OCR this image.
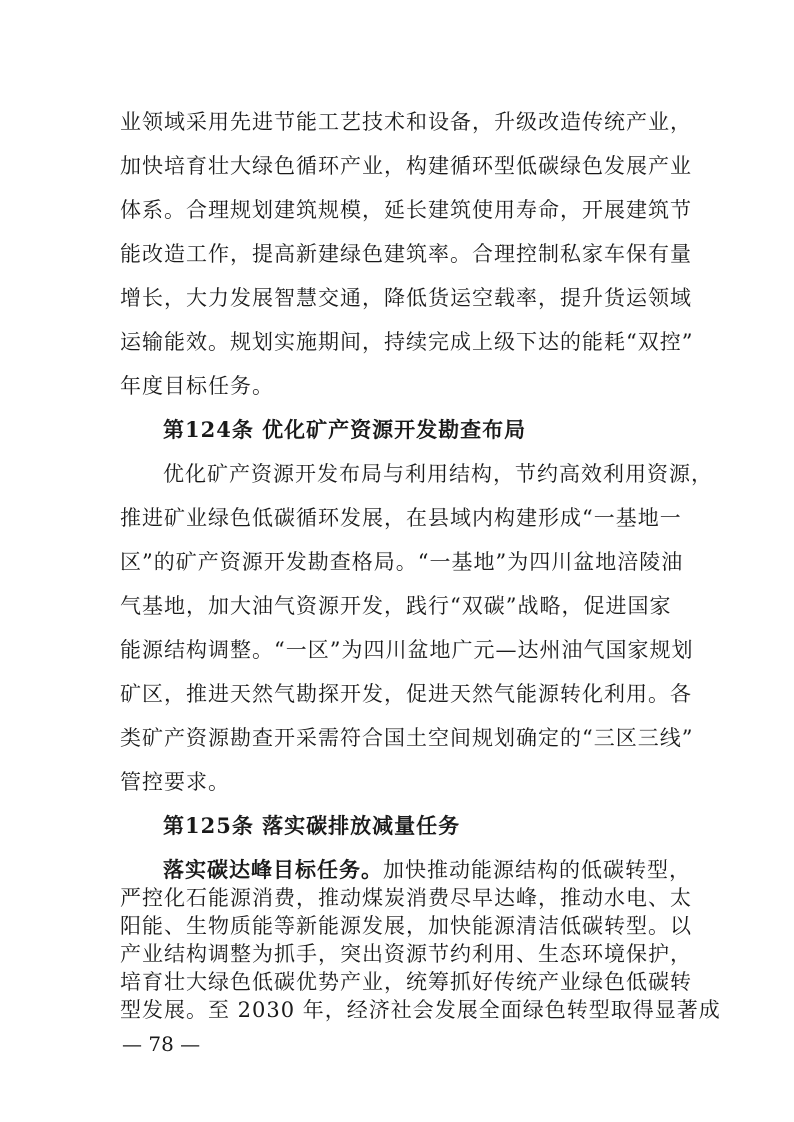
业领域采用先进节能工艺技术和设备，升级改造传统产业，
加快培育壮大绿色循环产业，构建循环型低碳绿色发展产业
体系。合理规划建筑规模，延长建筑使用寿命，开展建筑节
能改造工作，提高新建绿色建筑率。合理控制私家车保有量
增长，大力发展智慧交通，降低货运空载率，提升货运领域
运输能效。规划实施期间，持续完成上级下达的能耗“双控”
年度目标任务。
第124条 优化矿产资源开发勘查布局
优化矿产资源开发布局与利用结构，节约高效利用资源，
推进矿业绿色低碳循环发展，在县域内构建形成“一基地一
区”的矿产资源开发勘查格局。“一基地”为四川盆地涪陵油
气基地，加大油气资源开发，践行“双碳”战略，促进国家
能源结构调整。“一区”为四川盆地广元—达州油气国家规划
矿区，推进天然气勘探开发，促进天然气能源转化利用。各
类矿产资源勘查开采需符合国土空间规划确定的“三区三线”
管控要求。
第125条 落实碳排放减量任务
落实碳达峰目标任务。加快推动能源结构的低碳转型，
严控化石能源消费，推动煤炭消费尽早达峰，推动水电、太
阳能、生物质能等新能源发展，加快能源清洁低碳转型。以
产业结构调整为抓手，突出资源节约利用、生态环境保护，
培育壮大绿色低碳优势产业，统筹抓好传统产业绿色低碳转
型发展。至 2030 年，经济社会发展全面绿色转型取得显著成
— 78 —
